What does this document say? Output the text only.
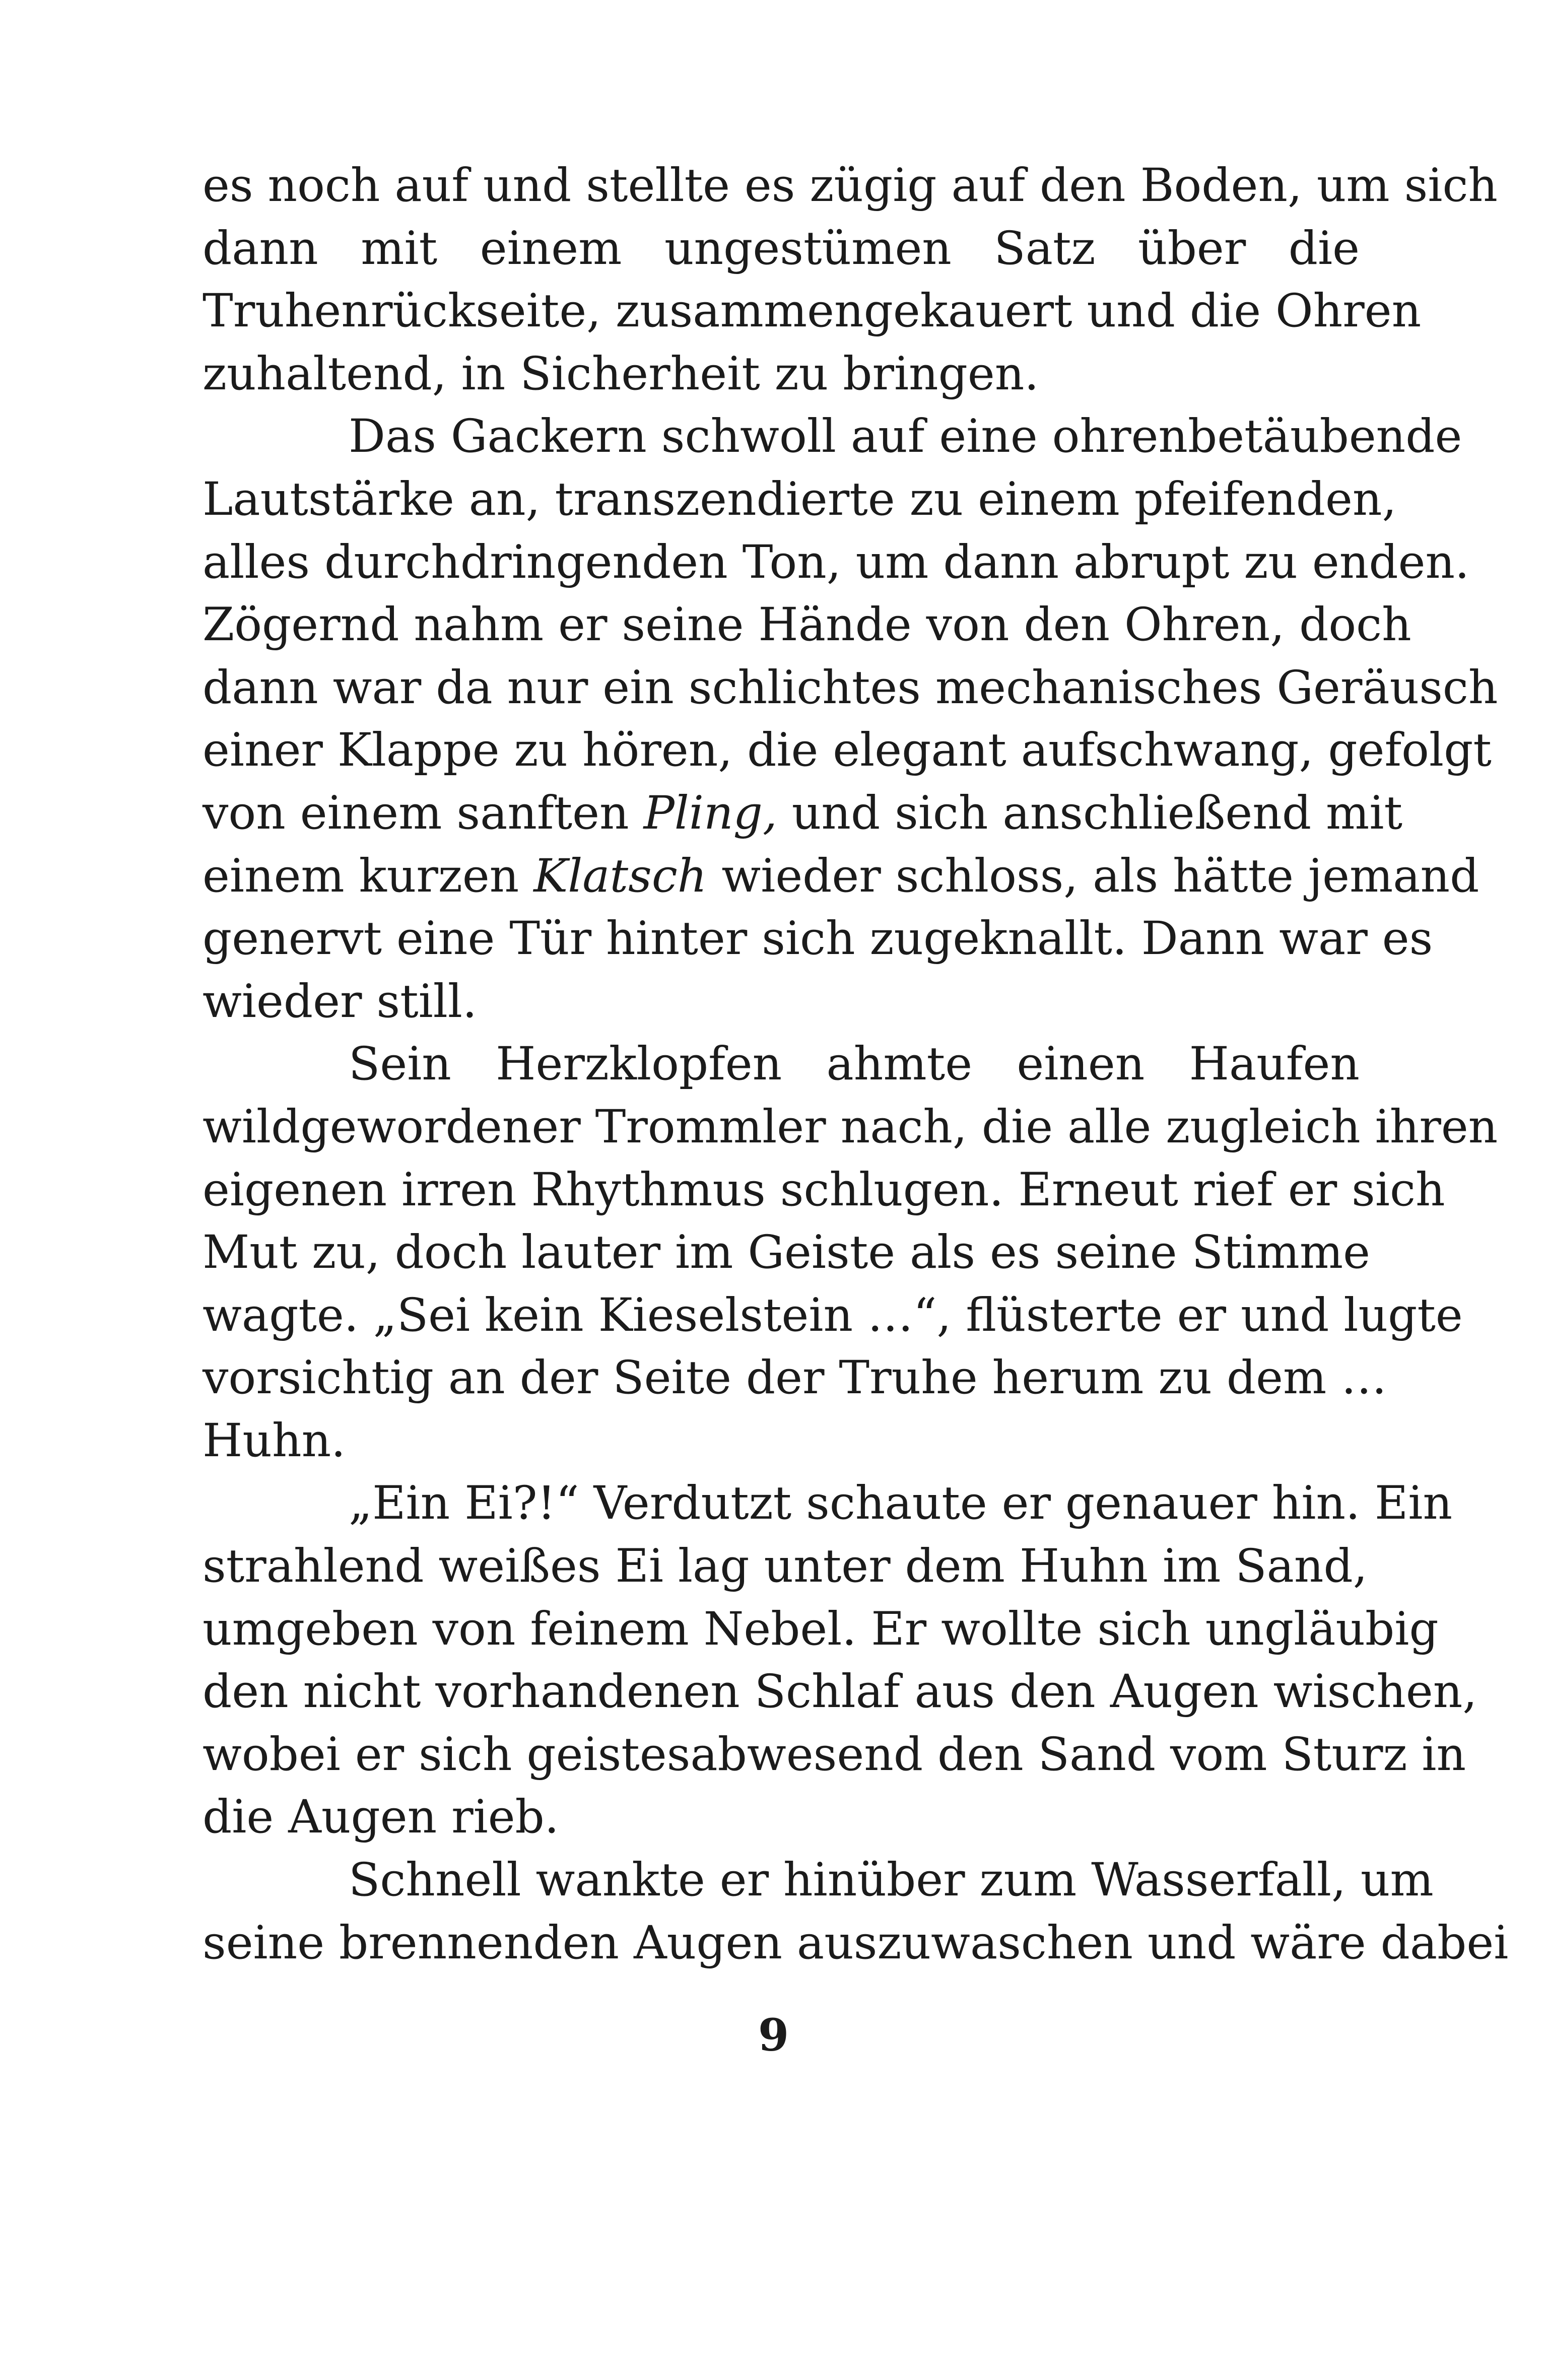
es noch auf und stellte es zügig auf den Boden, um sich
dann mit einem ungestümen Satz über die
Truhenrückseite, zusammengekauert und die Ohren
zuhaltend, in Sicherheit zu bringen.
Das Gackern schwoll auf eine ohrenbetäubende
Lautstärke an, transzendierte zu einem pfeifenden,
alles durchdringenden Ton, um dann abrupt zu enden.
Zögernd nahm er seine Hände von den Ohren, doch
dann war da nur ein schlichtes mechanisches Geräusch
einer Klappe zu hören, die elegant aufschwang, gefolgt
von einem sanften Pling, und sich anschließend mit
einem kurzen Klatsch wieder schloss, als hätte jemand
genervt eine Tür hinter sich zugeknallt. Dann war es
wieder still.
Sein Herzklopfen ahmte einen Haufen
wildgewordener Trommler nach, die alle zugleich ihren
eigenen irren Rhythmus schlugen. Erneut rief er sich
Mut zu, doch lauter im Geiste als es seine Stimme
wagte. „Sei kein Kieselstein …“, flüsterte er und lugte
vorsichtig an der Seite der Truhe herum zu dem …
Huhn.
„Ein Ei?!“ Verdutzt schaute er genauer hin. Ein
strahlend weißes Ei lag unter dem Huhn im Sand,
umgeben von feinem Nebel. Er wollte sich ungläubig
den nicht vorhandenen Schlaf aus den Augen wischen,
wobei er sich geistesabwesend den Sand vom Sturz in
die Augen rieb.
Schnell wankte er hinüber zum Wasserfall, um
seine brennenden Augen auszuwaschen und wäre dabei
9
